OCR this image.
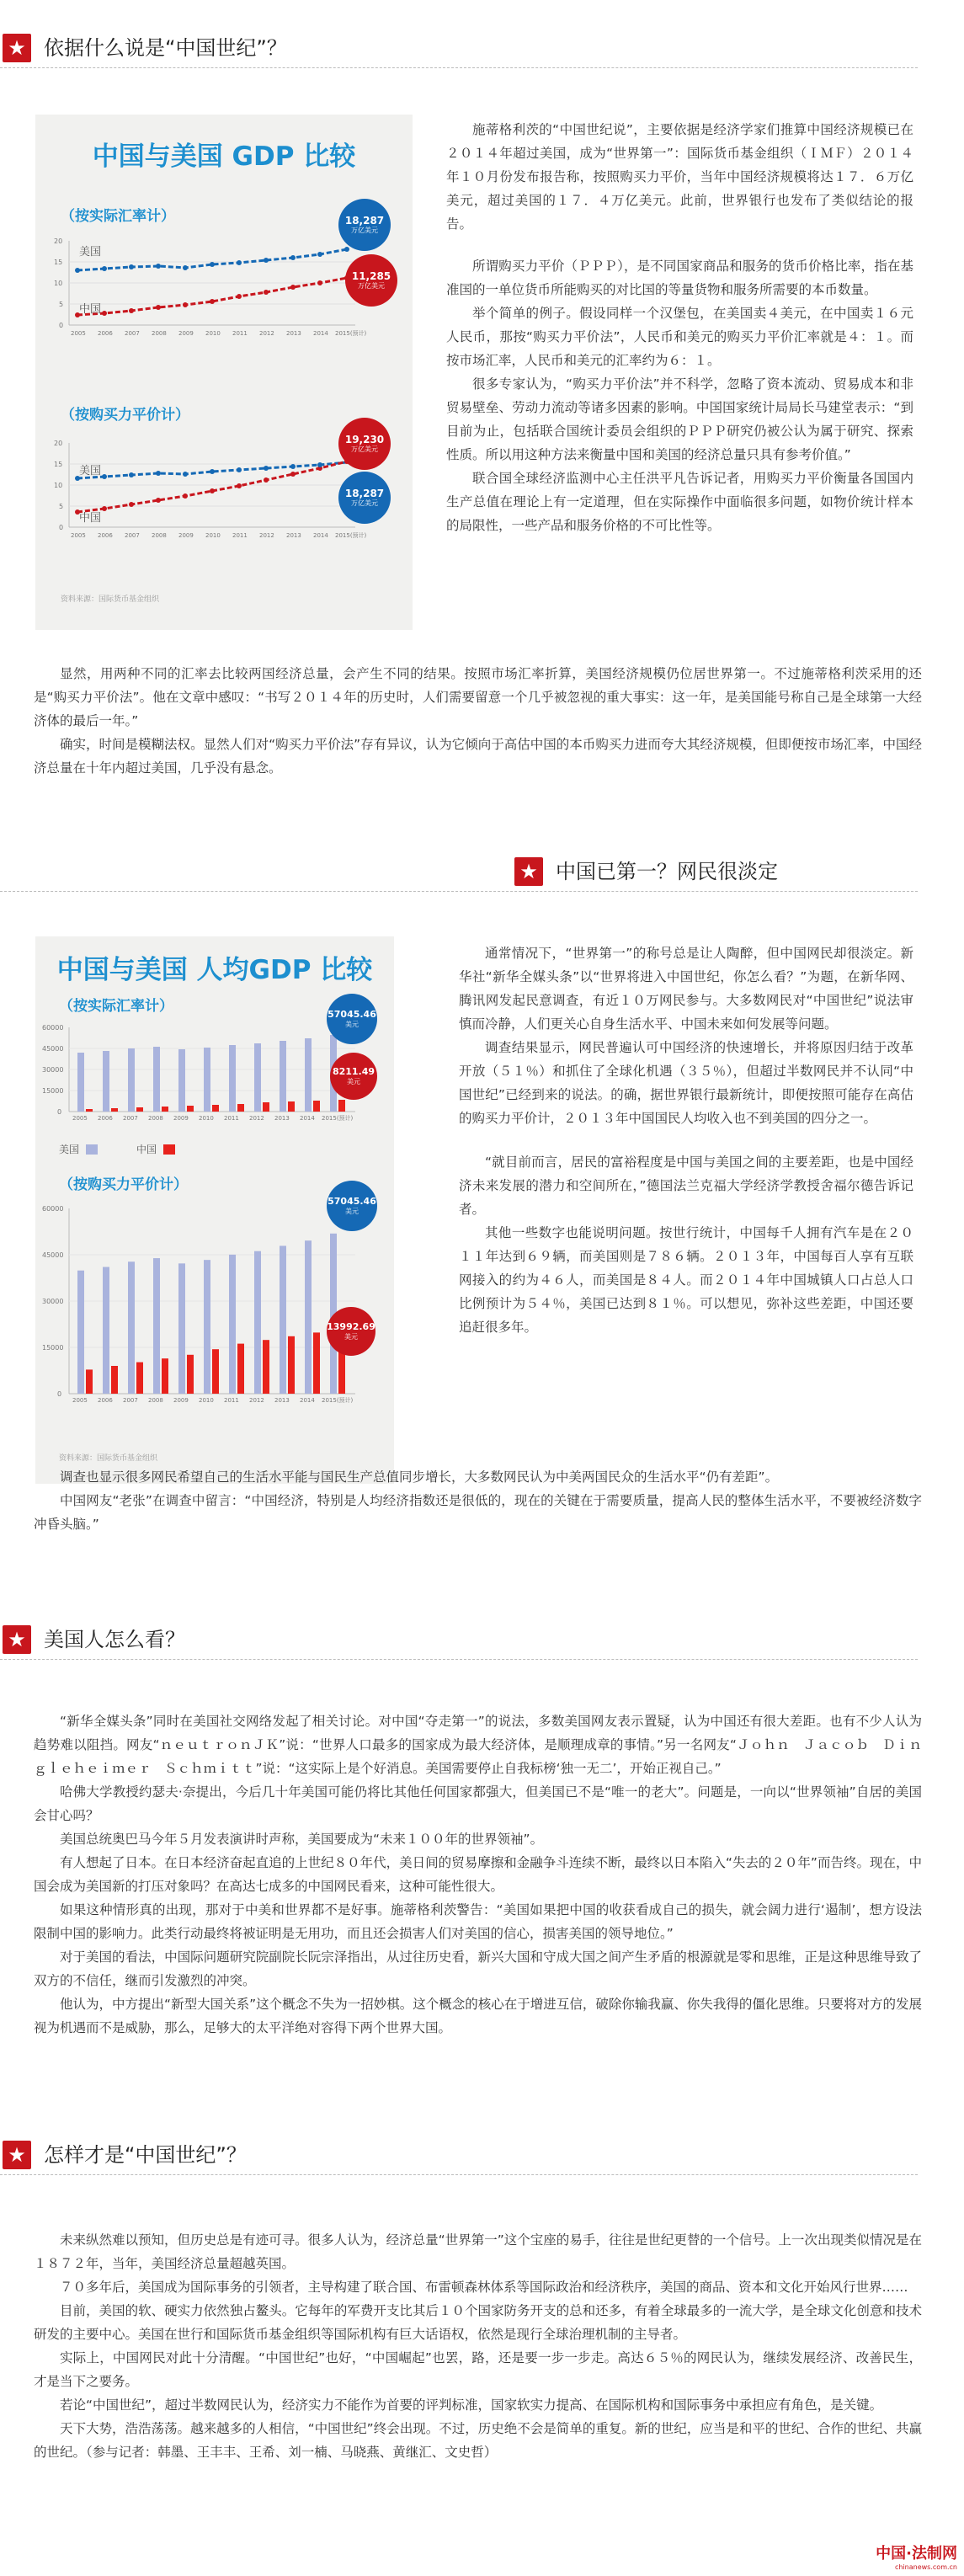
★ 依据什么说是“中国世纪”？
中国与美国 GDP 比较
（按实际汇率计）
（按购买力平价计）
20
15
10
5
0
20
15
10
5
0
2005 2006 2007 2008 2009 2010 2011 2012 2013 2014 2015(预计)
2005 2006 2007 2008 2009 2010 2011 2012 2013 2014 2015(预计)
美国
中国
美国
中国
18,287
万亿美元
11,285
万亿美元
19,230
万亿美元
18,287
万亿美元
资料来源：国际货币基金组织

施蒂格利茨的“中国世纪说”，主要依据是经济学家们推算中国经济规模已在２０１４年超过美国，成为“世界第一”：国际货币基金组织（ＩＭＦ）２０１４年１０月份发布报告称，按照购买力平价，当年中国经济规模将达１７．６万亿美元，超过美国的１７．４万亿美元。此前，世界银行也发布了类似结论的报告。

所谓购买力平价（ＰＰＰ），是不同国家商品和服务的货币价格比率，指在基准国的一单位货币所能购买的对比国的等量货物和服务所需要的本币数量。

举个简单的例子。假设同样一个汉堡包，在美国卖４美元，在中国卖１６元人民币，那按“购买力平价法”，人民币和美元的购买力平价汇率就是４：１。而按市场汇率，人民币和美元的汇率约为６：１。

很多专家认为，“购买力平价法”并不科学，忽略了资本流动、贸易成本和非贸易壁垒、劳动力流动等诸多因素的影响。中国国家统计局局长马建堂表示：“到目前为止，包括联合国统计委员会组织的ＰＰＰ研究仍被公认为属于研究、探索性质。所以用这种方法来衡量中国和美国的经济总量只具有参考价值。”

联合国全球经济监测中心主任洪平凡告诉记者，用购买力平价衡量各国国内生产总值在理论上有一定道理，但在实际操作中面临很多问题，如物价统计样本的局限性，一些产品和服务价格的不可比性等。

显然，用两种不同的汇率去比较两国经济总量，会产生不同的结果。按照市场汇率折算，美国经济规模仍位居世界第一。不过施蒂格利茨采用的还是“购买力平价法”。他在文章中感叹：“书写２０１４年的历史时，人们需要留意一个几乎被忽视的重大事实：这一年，是美国能号称自己是全球第一大经济体的最后一年。”

确实，时间是模糊法权。显然人们对“购买力平价法”存有异议，认为它倾向于高估中国的本币购买力进而夸大其经济规模，但即便按市场汇率，中国经济总量在十年内超过美国，几乎没有悬念。

★ 中国已第一？网民很淡定
中国与美国 人均GDP 比较
（按实际汇率计）
（按购买力平价计）
60000
45000
30000
15000
0
60000
45000
30000
15000
0
2005 2006 2007 2008 2009 2010 2011 2012 2013 2014 2015(预计)
2005 2006 2007 2008 2009 2010 2011 2012 2013 2014 2015(预计)
美国	中国
57045.46
美元
8211.49
美元
57045.46
美元
13992.69
美元
资料来源：国际货币基金组织

通常情况下，“世界第一”的称号总是让人陶醉，但中国网民却很淡定。新华社“新华全媒头条”以“世界将进入中国世纪，你怎么看？”为题，在新华网、腾讯网发起民意调查，有近１０万网民参与。大多数网民对“中国世纪”说法审慎而冷静，人们更关心自身生活水平、中国未来如何发展等问题。

调查结果显示，网民普遍认可中国经济的快速增长，并将原因归结于改革开放（５１％）和抓住了全球化机遇（３５％），但超过半数网民并不认同“中国世纪”已经到来的说法。的确，据世界银行最新统计，即便按照可能存在高估的购买力平价计，２０１３年中国国民人均收入也不到美国的四分之一。

“就目前而言，居民的富裕程度是中国与美国之间的主要差距，也是中国经济未来发展的潜力和空间所在，”德国法兰克福大学经济学教授舍福尔德告诉记者。

其他一些数字也能说明问题。按世行统计，中国每千人拥有汽车是在２０１１年达到６９辆，而美国则是７８６辆。２０１３年，中国每百人享有互联网接入的约为４６人，而美国是８４人。而２０１４年中国城镇人口占总人口比例预计为５４％，美国已达到８１％。可以想见，弥补这些差距，中国还要追赶很多年。

调查也显示很多网民希望自己的生活水平能与国民生产总值同步增长，大多数网民认为中美两国民众的生活水平“仍有差距”。

中国网友“老张”在调查中留言：“中国经济，特别是人均经济指数还是很低的，现在的关键在于需要质量，提高人民的整体生活水平，不要被经济数字冲昏头脑。”

★ 美国人怎么看？

“新华全媒头条”同时在美国社交网络发起了相关讨论。对中国“夺走第一”的说法，多数美国网友表示置疑，认为中国还有很大差距。也有不少人认为趋势难以阻挡。网友“ｎｅｕｔｒｏｎＪＫ”说：“世界人口最多的国家成为最大经济体，是顺理成章的事情。”另一名网友“Ｊｏｈｎ　Ｊａｃｏｂ　Ｄｉｎｇｌｅｈｅｉｍｅｒ　Ｓｃｈｍｉｔｔ”说：“这实际上是个好消息。美国需要停止自我标榜‘独一无二’，开始正视自己。”

哈佛大学教授约瑟夫·奈提出，今后几十年美国可能仍将比其他任何国家都强大，但美国已不是“唯一的老大”。问题是，一向以“世界领袖”自居的美国会甘心吗？

美国总统奥巴马今年５月发表演讲时声称，美国要成为“未来１００年的世界领袖”。

有人想起了日本。在日本经济奋起直追的上世纪８０年代，美日间的贸易摩擦和金融争斗连续不断，最终以日本陷入“失去的２０年”而告终。现在，中国会成为美国新的打压对象吗？在高达七成多的中国网民看来，这种可能性很大。

如果这种情形真的出现，那对于中美和世界都不是好事。施蒂格利茨警告：“美国如果把中国的收获看成自己的损失，就会阔力进行‘遏制’，想方设法限制中国的影响力。此类行动最终将被证明是无用功，而且还会损害人们对美国的信心，损害美国的领导地位。”

对于美国的看法，中国际问题研究院副院长阮宗泽指出，从过往历史看，新兴大国和守成大国之间产生矛盾的根源就是零和思维，正是这种思维导致了双方的不信任，继而引发激烈的冲突。

他认为，中方提出“新型大国关系”这个概念不失为一招妙棋。这个概念的核心在于增进互信，破除你输我赢、你失我得的僵化思维。只要将对方的发展视为机遇而不是威胁，那么，足够大的太平洋绝对容得下两个世界大国。

★ 怎样才是“中国世纪”？

未来纵然难以预知，但历史总是有迹可寻。很多人认为，经济总量“世界第一”这个宝座的易手，往往是世纪更替的一个信号。上一次出现类似情况是在１８７２年，当年，美国经济总量超越英国。

７０多年后，美国成为国际事务的引领者，主导构建了联合国、布雷顿森林体系等国际政治和经济秩序，美国的商品、资本和文化开始风行世界……

目前，美国的软、硬实力依然独占鳌头。它每年的军费开支比其后１０个国家防务开支的总和还多，有着全球最多的一流大学，是全球文化创意和技术研发的主要中心。美国在世行和国际货币基金组织等国际机构有巨大话语权，依然是现行全球治理机制的主导者。

实际上，中国网民对此十分清醒。“中国世纪”也好，“中国崛起”也罢，路，还是要一步一步走。高达６５％的网民认为，继续发展经济、改善民生，才是当下之要务。

若论“中国世纪”，超过半数网民认为，经济实力不能作为首要的评判标准，国家软实力提高、在国际机构和国际事务中承担应有角色，是关键。

天下大势，浩浩荡荡。越来越多的人相信，“中国世纪”终会出现。不过，历史绝不会是简单的重复。新的世纪，应当是和平的世纪、合作的世纪、共赢的世纪。（参与记者：韩墨、王丰丰、王希、刘一楠、马晓燕、黄继汇、文史哲）

中国·法制网
chinanews.com.cn
